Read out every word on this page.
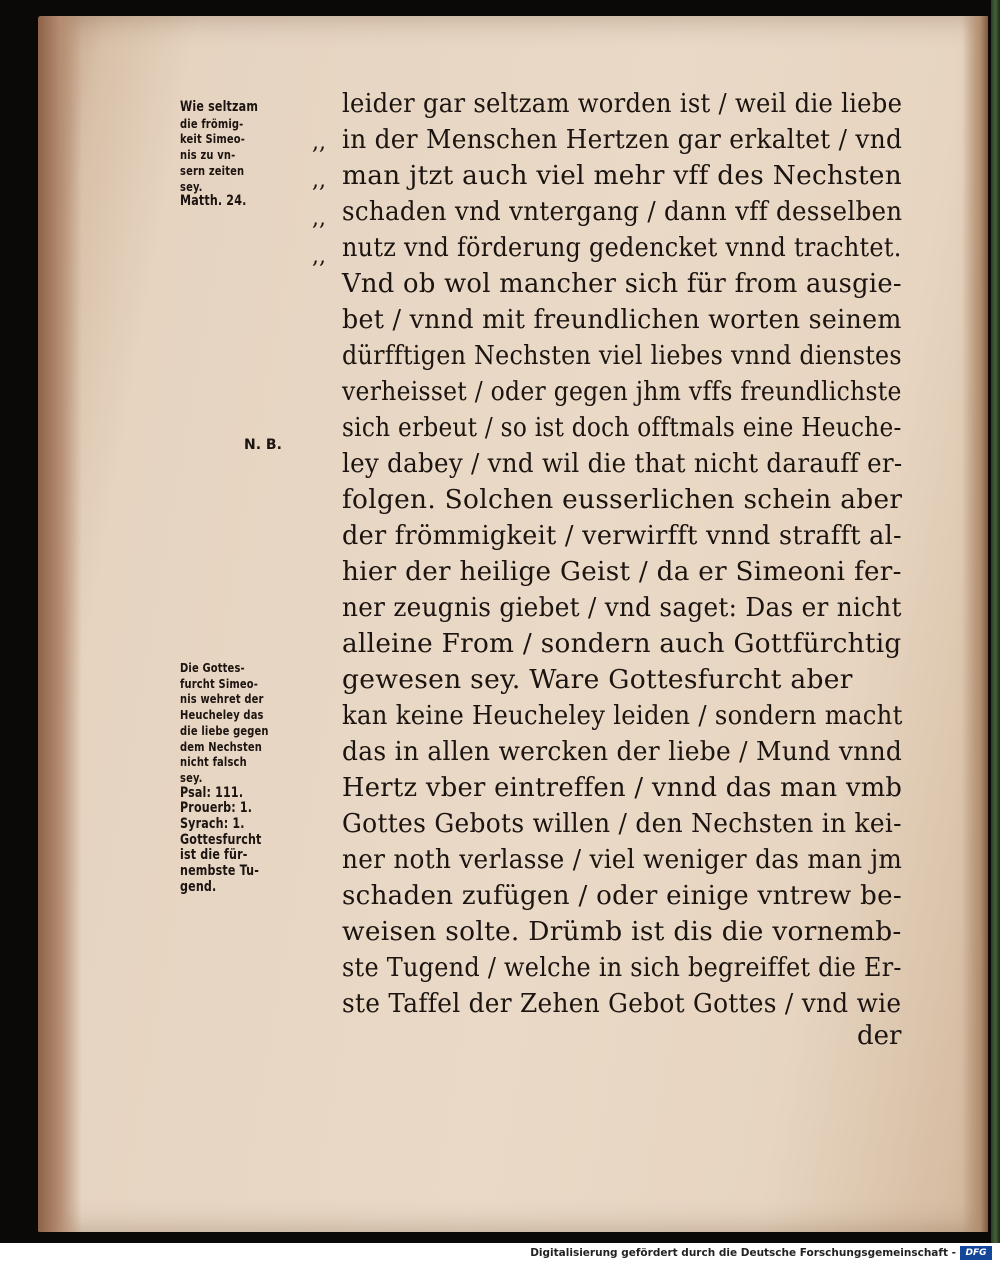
Wie seltzam
die frömig-
keit Simeo-
nis zu vn-
sern zeiten
sey.
Matth. 24.
N. B.
Die Gottes-
furcht Simeo-
nis wehret der
Heucheley das
die liebe gegen
dem Nechsten
nicht falsch
sey.
Psal: 111.
Prouerb: 1.
Syrach: 1.
Gottesfurcht
ist die für-
nembste Tu-
gend.
,,
,,
,,
,,
leider gar seltzam worden ist / weil die liebe
in der Menschen Hertzen gar erkaltet / vnd
man jtzt auch viel mehr vff des Nechsten
schaden vnd vntergang / dann vff desselben
nutz vnd förderung gedencket vnnd trachtet.
Vnd ob wol mancher sich für from ausgie-
bet / vnnd mit freundlichen worten seinem
dürfftigen Nechsten viel liebes vnnd dienstes
verheisset / oder gegen jhm vffs freundlichste
sich erbeut / so ist doch offtmals eine Heuche-
ley dabey / vnd wil die that nicht darauff er-
folgen. Solchen eusserlichen schein aber
der frömmigkeit / verwirfft vnnd strafft al-
hier der heilige Geist / da er Simeoni fer-
ner zeugnis giebet / vnd saget: Das er nicht
alleine From / sondern auch Gottfürchtig
gewesen sey. Ware Gottesfurcht aber
kan keine Heucheley leiden / sondern macht
das in allen wercken der liebe / Mund vnnd
Hertz vber eintreffen / vnnd das man vmb
Gottes Gebots willen / den Nechsten in kei-
ner noth verlasse / viel weniger das man jm
schaden zufügen / oder einige vntrew be-
weisen solte. Drümb ist dis die vornemb-
ste Tugend / welche in sich begreiffet die Er-
ste Taffel der Zehen Gebot Gottes / vnd wie
der
Digitalisierung gefördert durch die Deutsche Forschungsgemeinschaft -	DFG
